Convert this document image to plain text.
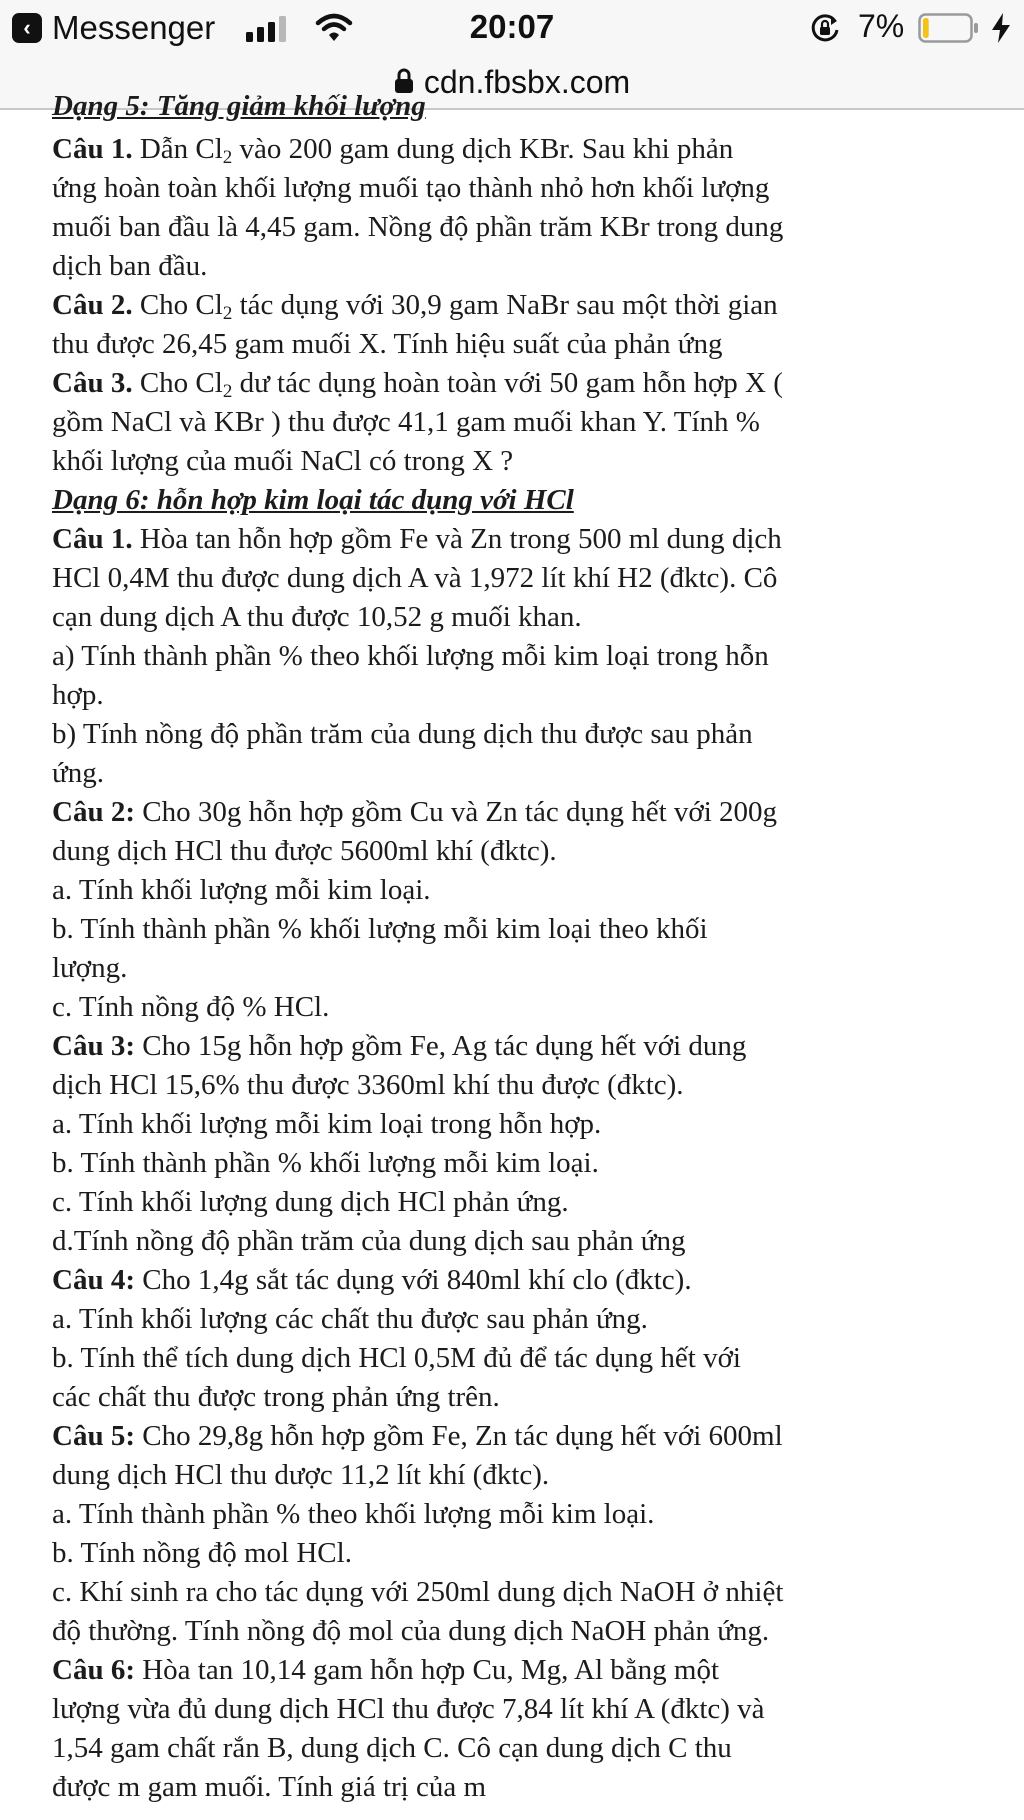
‹ Messenger	20:07	7%
cdn.fbsbx.com

Dạng 5: Tăng giảm khối lượng

Câu 1. Dẫn $Cl_2$ vào 200 gam dung dịch KBr. Sau khi phản

ứng hoàn toàn khối lượng muối tạo thành nhỏ hơn khối lượng

muối ban đầu là 4,45 gam. Nồng độ phần trăm KBr trong dung

dịch ban đầu.

Câu 2. Cho $Cl_2$ tác dụng với 30,9 gam NaBr sau một thời gian

thu được 26,45 gam muối X. Tính hiệu suất của phản ứng

Câu 3. Cho $Cl_2$ dư tác dụng hoàn toàn với 50 gam hỗn hợp X (

gồm NaCl và KBr ) thu được 41,1 gam muối khan Y. Tính %

khối lượng của muối NaCl có trong X ?

Dạng 6: hỗn hợp kim loại tác dụng với HCl

Câu 1. Hòa tan hỗn hợp gồm Fe và Zn trong 500 ml dung dịch

HCl 0,4M thu được dung dịch A và 1,972 lít khí H2 (đktc). Cô

cạn dung dịch A thu được 10,52 g muối khan.

a) Tính thành phần % theo khối lượng mỗi kim loại trong hỗn

hợp.

b) Tính nồng độ phần trăm của dung dịch thu được sau phản

ứng.

Câu 2: Cho 30g hỗn hợp gồm Cu và Zn tác dụng hết với 200g

dung dịch HCl thu được 5600ml khí (đktc).

a. Tính khối lượng mỗi kim loại.

b. Tính thành phần % khối lượng mỗi kim loại theo khối

lượng.

c. Tính nồng độ % HCl.

Câu 3: Cho 15g hỗn hợp gồm Fe, Ag tác dụng hết với dung

dịch HCl 15,6% thu được 3360ml khí thu được (đktc).

a. Tính khối lượng mỗi kim loại trong hỗn hợp.

b. Tính thành phần % khối lượng mỗi kim loại.

c. Tính khối lượng dung dịch HCl phản ứng.

d.Tính nồng độ phần trăm của dung dịch sau phản ứng

Câu 4: Cho 1,4g sắt tác dụng với 840ml khí clo (đktc).

a. Tính khối lượng các chất thu được sau phản ứng.

b. Tính thể tích dung dịch HCl 0,5M đủ để tác dụng hết với

các chất thu được trong phản ứng trên.

Câu 5: Cho 29,8g hỗn hợp gồm Fe, Zn tác dụng hết với 600ml

dung dịch HCl thu dược 11,2 lít khí (đktc).

a. Tính thành phần % theo khối lượng mỗi kim loại.

b. Tính nồng độ mol HCl.

c. Khí sinh ra cho tác dụng với 250ml dung dịch NaOH ở nhiệt

độ thường. Tính nồng độ mol của dung dịch NaOH phản ứng.

Câu 6: Hòa tan 10,14 gam hỗn hợp Cu, Mg, Al bằng một

lượng vừa đủ dung dịch HCl thu được 7,84 lít khí A (đktc) và

1,54 gam chất rắn B, dung dịch C. Cô cạn dung dịch C thu

được m gam muối. Tính giá trị của m
